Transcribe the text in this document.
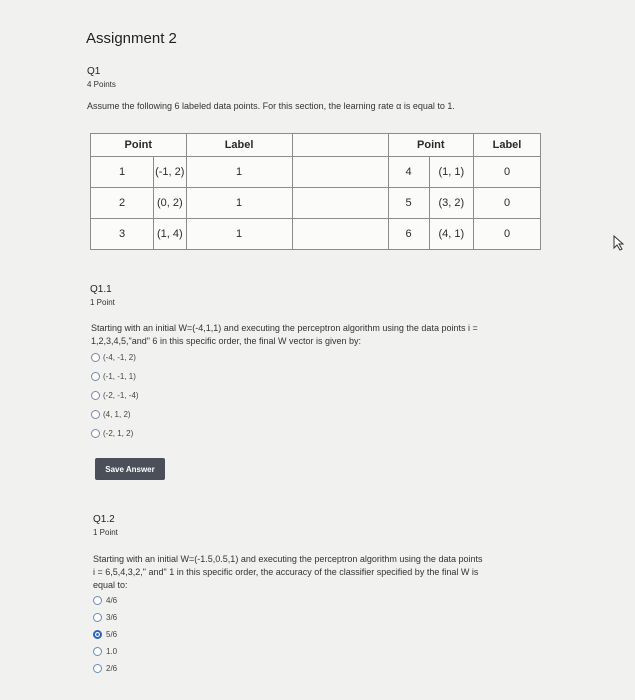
Assignment 2
Q1
4 Points
Assume the following 6 labeled data points. For this section, the learning rate α is equal to 1.
Point		Label		Point		Label
1	(-1, 2)	1		4	(1, 1)	0
2	(0, 2)	1		5	(3, 2)	0
3	(1, 4)	1		6	(4, 1)	0
Q1.1
1 Point
Starting with an initial W=(-4,1,1) and executing the perceptron algorithm using the data points i =
1,2,3,4,5,"and" 6 in this specific order, the final W vector is given by:
(-4, -1, 2)
(-1, -1, 1)
(-2, -1, -4)
(4, 1, 2)
(-2, 1, 2)
Save Answer
Q1.2
1 Point
Starting with an initial W=(-1.5,0.5,1) and executing the perceptron algorithm using the data points
i = 6,5,4,3,2," and" 1 in this specific order, the accuracy of the classifier specified by the final W is
equal to:
4/6
3/6
5/6
1.0
2/6
